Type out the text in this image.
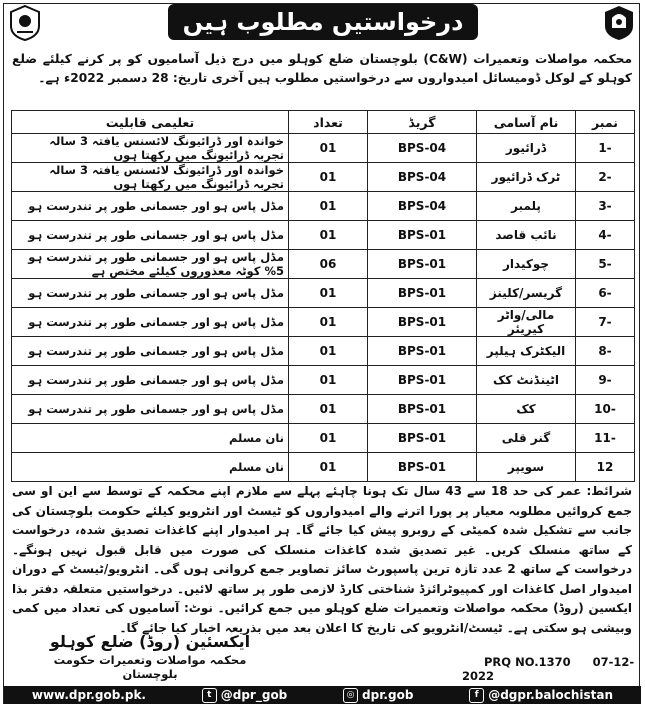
درخواستیں مطلوب ہیں
محکمہ مواصلات وتعمیرات (C&W) بلوچستان ضلع کوہلو میں درج ذیل آسامیوں کو پر کرنے کیلئے ضلع کوہلو کے لوکل ڈومیسائل امیدواروں سے درخواستیں مطلوب ہیں آخری تاریخ: 28 دسمبر 2022ء ہے۔
نمبر	نام آسامی	گریڈ	تعداد	تعلیمی قابلیت
1-	ڈرائیور	BPS-04	01	خواندہ اور ڈرائیونگ لائسنس یافتہ 3 سالہ تجربہ ڈرائیونگ میں رکھتا ہوں
2-	ٹرک ڈرائیور	BPS-04	01	خواندہ اور ڈرائیونگ لائسنس یافتہ 3 سالہ تجربہ ڈرائیونگ میں رکھتا ہوں
3-	پلمبر	BPS-04	01	مڈل پاس ہو اور جسمانی طور پر تندرست ہو
4-	نائب قاصد	BPS-01	01	مڈل پاس ہو اور جسمانی طور پر تندرست ہو
5-	چوکیدار	BPS-01	06	مڈل پاس ہو اور جسمانی طور پر تندرست ہو 5% کوٹہ معذوروں کیلئے مختص ہے
6-	گریسر/کلینز	BPS-01	01	مڈل پاس ہو اور جسمانی طور پر تندرست ہو
7-	مالی/واٹر کیریئر	BPS-01	01	مڈل پاس ہو اور جسمانی طور پر تندرست ہو
8-	الیکٹرک ہیلپر	BPS-01	01	مڈل پاس ہو اور جسمانی طور پر تندرست ہو
9-	اٹینڈنٹ کک	BPS-01	01	مڈل پاس ہو اور جسمانی طور پر تندرست ہو
10-	کک	BPS-01	01	مڈل پاس ہو اور جسمانی طور پر تندرست ہو
11-	گنر قلی	BPS-01	01	نان مسلم
12	سویپر	BPS-01	01	نان مسلم
شرائط: عمر کی حد 18 سے 43 سال تک ہونا چاہئے پہلے سے ملازم اپنے محکمہ کے توسط سے این او سی جمع کروائیں مطلوبہ معیار پر پورا اترنے والے امیدواروں کو ٹیسٹ اور انٹرویو کیلئے حکومت بلوچستان کی جانب سے تشکیل شدہ کمیٹی کے روبرو پیش کیا جائے گا۔ ہر امیدوار اپنے کاغذات تصدیق شدہ، درخواست کے ساتھ منسلک کریں۔ غیر تصدیق شدہ کاغذات منسلک کی صورت میں قابل قبول نہیں ہونگے۔ درخواست کے ساتھ 2 عدد تازہ ترین پاسپورٹ سائز تصاویر جمع کروانی ہوں گی۔ انٹرویو/ٹیسٹ کے دوران امیدوار اصل کاغذات اور کمپیوٹرائزڈ شناختی کارڈ لازمی طور پر ساتھ لائیں۔ درخواستیں متعلقہ دفتر بذا ایکسین (روڈ) محکمہ مواصلات وتعمیرات ضلع کوہلو میں جمع کرائیں۔ نوٹ: آسامیوں کی تعداد میں کمی وبیشی ہو سکتی ہے۔ ٹیسٹ/انٹرویو کی تاریخ کا اعلان بعد میں بذریعہ اخبار کیا جائے گا۔
ایکسئین (روڈ) ضلع کوہلو
محکمہ مواصلات وتعمیرات حکومت بلوچستان
PRQ NO.1370 07-12-2022
www.dpr.gob.pk.	t @dpr_gob	◎ dpr.gob	f @dgpr.balochistan
